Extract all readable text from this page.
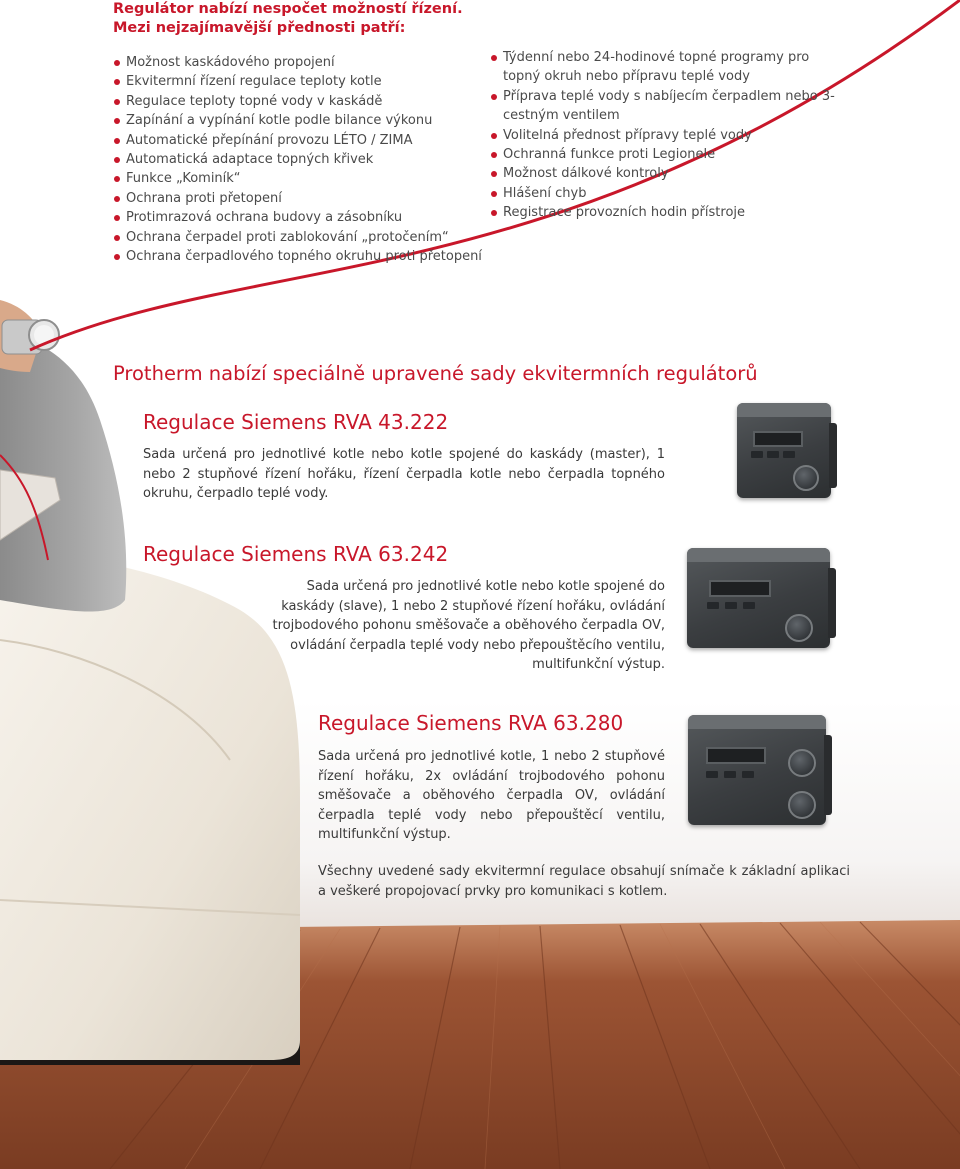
Regulátor nabízí nespočet možností řízení.
Mezi nejzajímavější přednosti patří:
Možnost kaskádového propojení
Ekvitermní řízení regulace teploty kotle
Regulace teploty topné vody v kaskádě
Zapínání a vypínání kotle podle bilance výkonu
Automatické přepínání provozu LÉTO / ZIMA
Automatická adaptace topných křivek
Funkce „Kominík“
Ochrana proti přetopení
Protimrazová ochrana budovy a zásobníku
Ochrana čerpadel proti zablokování „protočením“
Ochrana čerpadlového topného okruhu proti přetopení
Týdenní nebo 24-hodinové topné programy pro topný okruh nebo přípravu teplé vody
Příprava teplé vody s nabíjecím čerpadlem nebo 3-cestným ventilem
Volitelná přednost přípravy teplé vody
Ochranná funkce proti Legionele
Možnost dálkové kontroly
Hlášení chyb
Registrace provozních hodin přístroje
Protherm nabízí speciálně upravené sady ekvitermních regulátorů
Regulace Siemens RVA 43.222

Sada určená pro jednotlivé kotle nebo kotle spojené do kaskády (master), 1 nebo 2 stupňové řízení hořáku, řízení čerpadla kotle nebo čerpadla topného okruhu, čerpadlo teplé vody.

Regulace Siemens RVA 63.242

Sada určená pro jednotlivé kotle nebo kotle spojené do kaskády (slave), 1 nebo 2 stupňové řízení hořáku, ovládání trojbodového pohonu směšovače a oběhového čerpadla OV, ovládání čerpadla teplé vody nebo přepouštěcího ventilu, multifunkční výstup.

Regulace Siemens RVA 63.280

Sada určená pro jednotlivé kotle, 1 nebo 2 stupňové řízení hořáku, 2x ovládání trojbodového pohonu směšovače a oběhového čerpadla OV, ovládání čerpadla teplé vody nebo přepouštěcí ventilu, multifunkční výstup.

Všechny uvedené sady ekvitermní regulace obsahují snímače k základní aplikaci a veškeré propojovací prvky pro komunikaci s kotlem.
